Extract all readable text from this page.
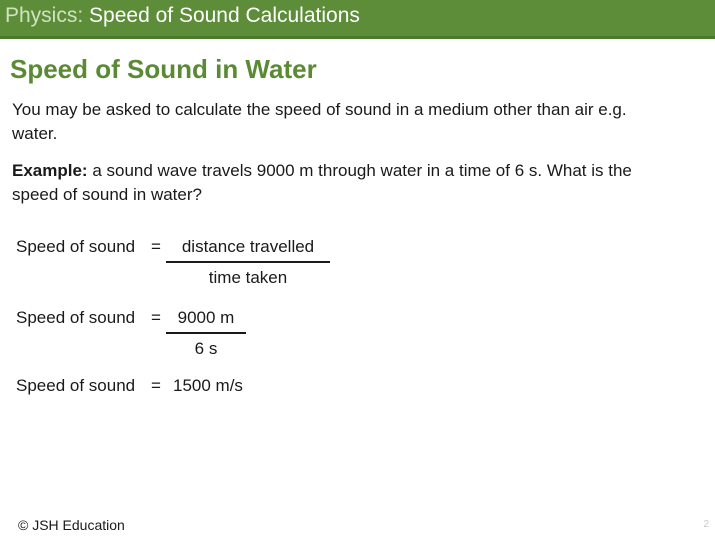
Physics: Speed of Sound Calculations
Speed of Sound in Water
You may be asked to calculate the speed of sound in a medium other than air e.g. water.
Example: a sound wave travels 9000 m through water in a time of 6 s. What is the speed of sound in water?
Speed of sound =	distance travelled
time taken
Speed of sound = 9000 m
6 s
Speed of sound = 1500 m/s
© JSH Education	2
